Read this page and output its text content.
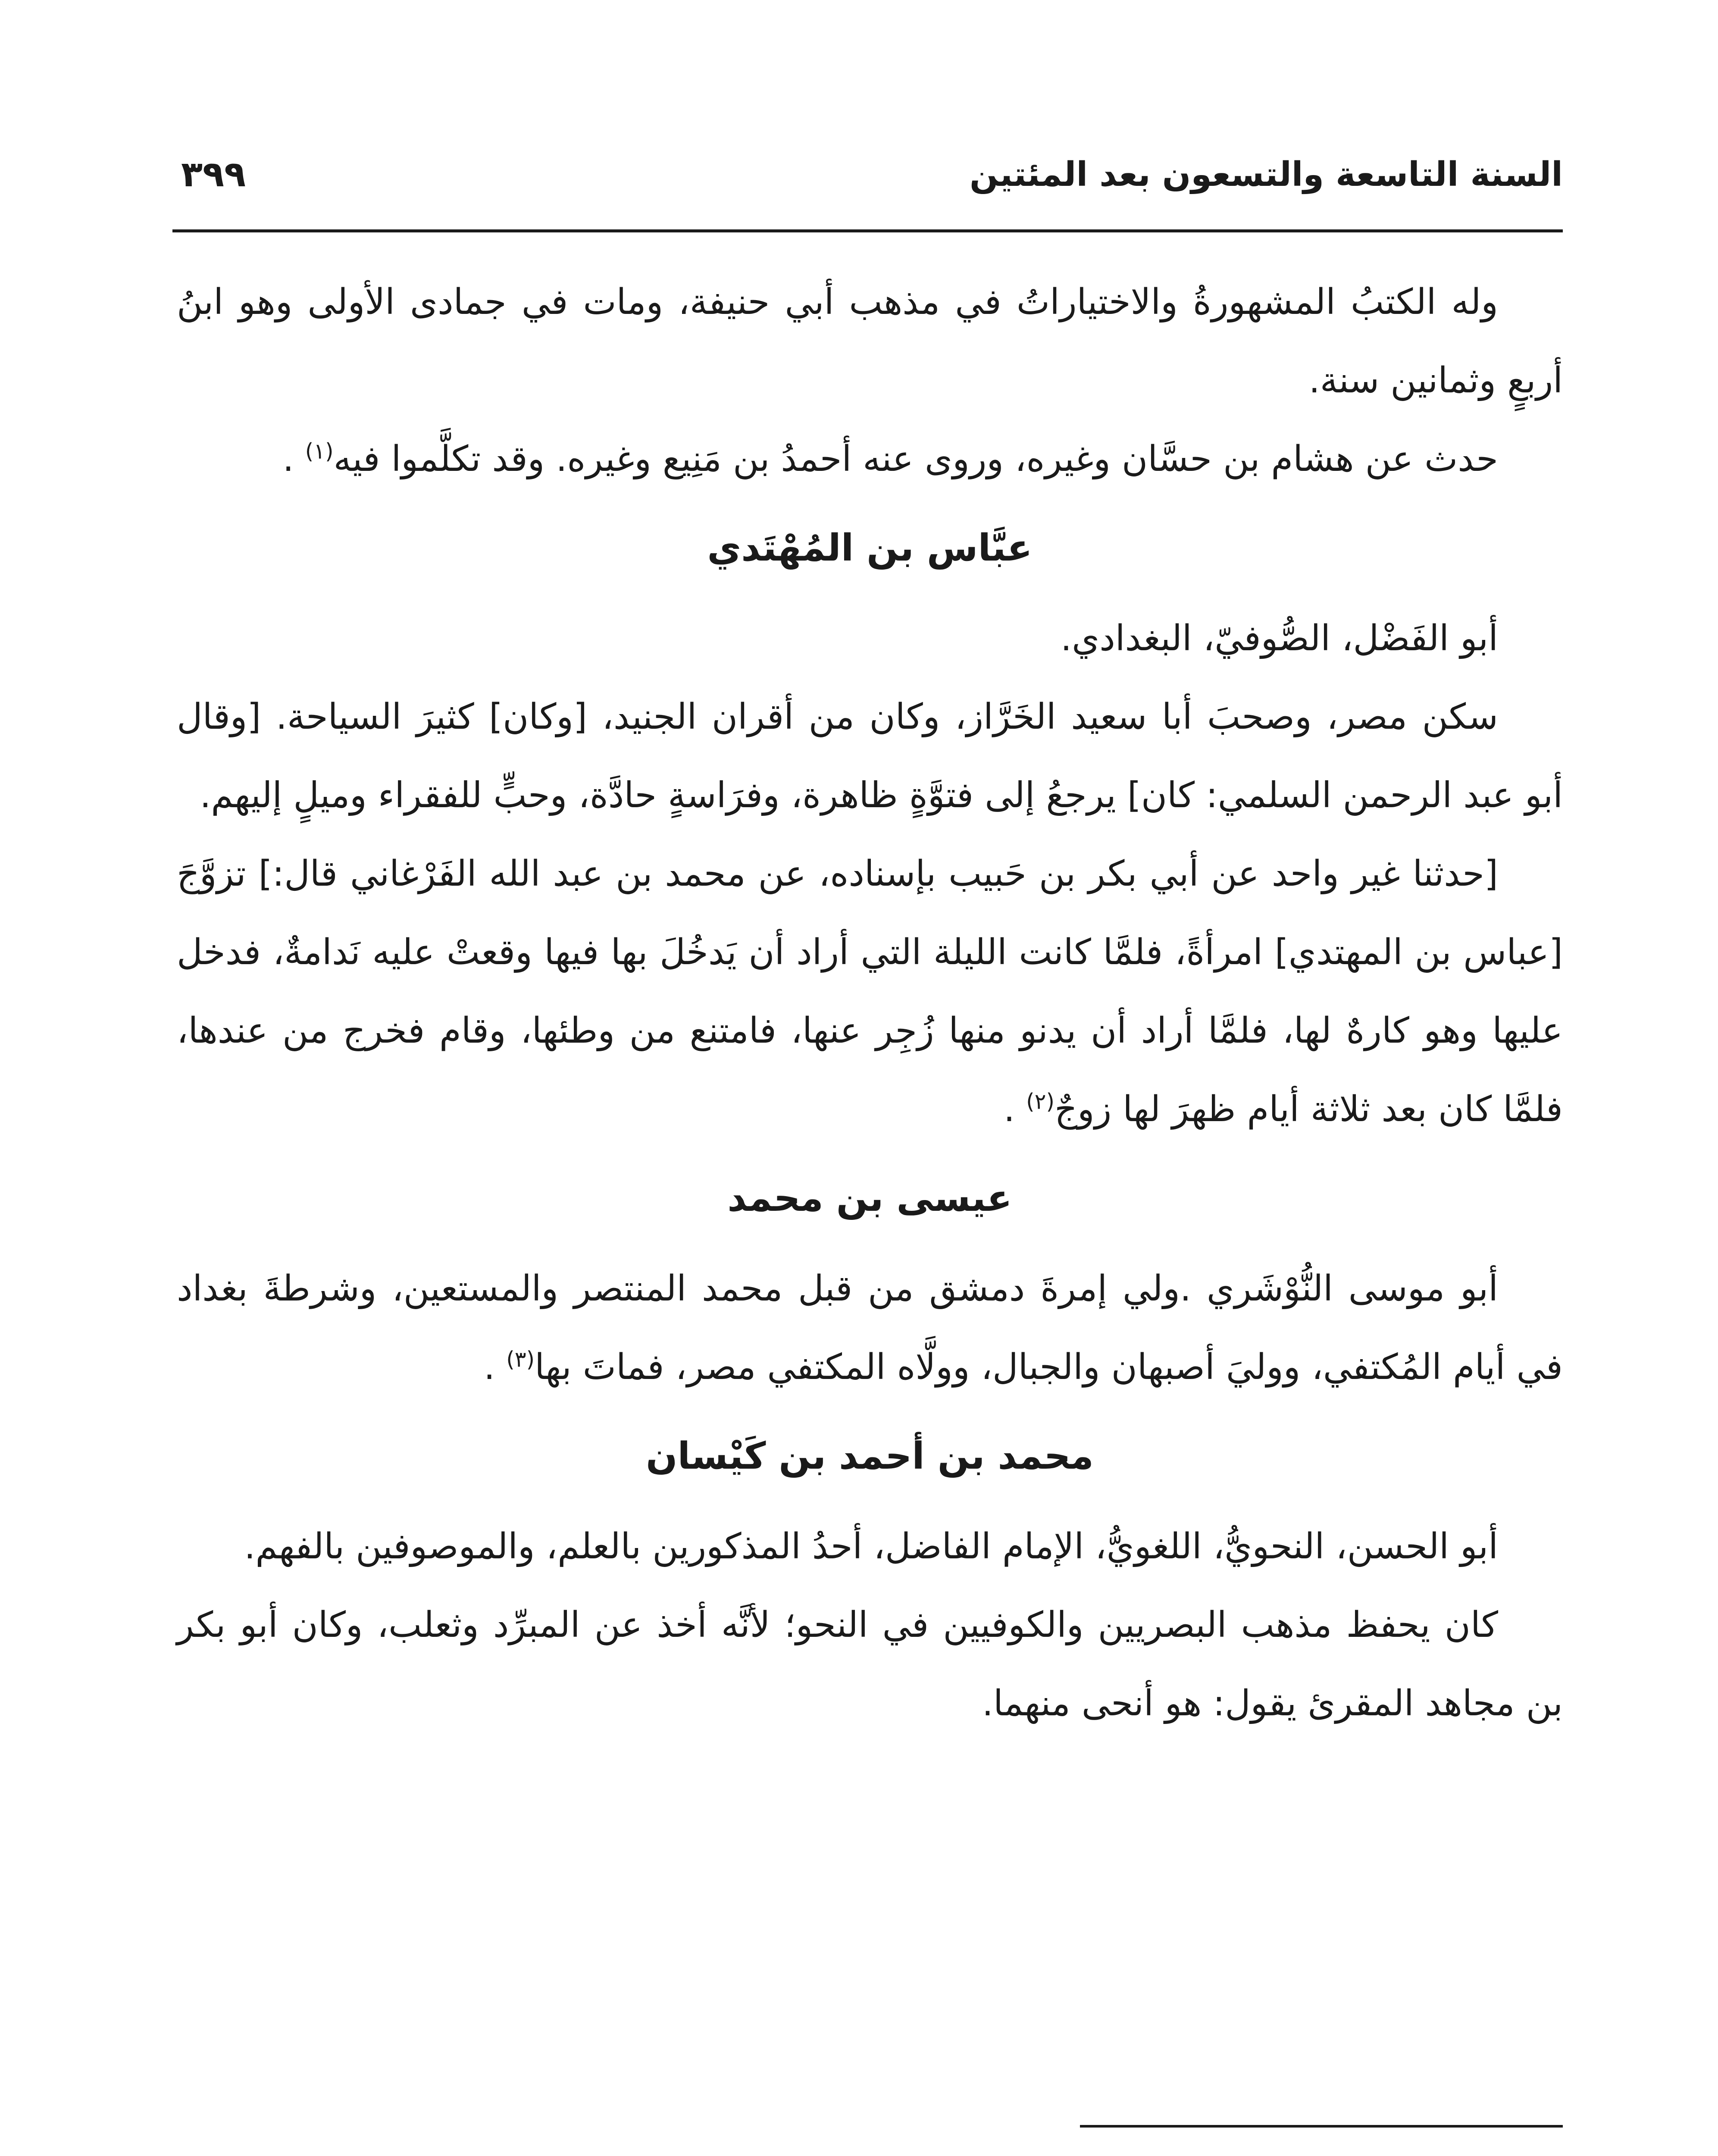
السنة التاسعة والتسعون بعد المئتين
٣٩٩

وله الكتبُ المشهورةُ والاختياراتُ في مذهب أبي حنيفة، ومات في جمادى الأولى وهو ابنُ أربعٍ وثمانين سنة.

حدث عن هشام بن حسَّان وغيره، وروى عنه أحمدُ بن مَنِيع وغيره. وقد تكلَّموا فيه$^{(١)}$ .

عبَّاس بن المُهْتَدي

أبو الفَضْل، الصُّوفيّ، البغدادي.

سكن مصر، وصحبَ أبا سعيد الخَرَّاز، وكان من أقران الجنيد، [وكان] كثيرَ السياحة. [وقال أبو عبد الرحمن السلمي: كان] يرجعُ إلى فتوَّةٍ ظاهرة، وفرَاسةٍ حادَّة، وحبٍّ للفقراء وميلٍ إليهم.

[حدثنا غير واحد عن أبي بكر بن حَبيب بإسناده، عن محمد بن عبد الله الفَرْغاني قال:] تزوَّجَ [عباس بن المهتدي] امرأةً، فلمَّا كانت الليلة التي أراد أن يَدخُلَ بها فيها وقعتْ عليه نَدامةٌ، فدخل عليها وهو كارهٌ لها، فلمَّا أراد أن يدنو منها زُجِر عنها، فامتنع من وطئها، وقام فخرج من عندها، فلمَّا كان بعد ثلاثة أيام ظهرَ لها زوجٌ$^{(٢)}$ .

عيسى بن محمد

أبو موسى النُّوْشَري .ولي إمرةَ دمشق من قبل محمد المنتصر والمستعين، وشرطةَ بغداد في أيام المُكتفي، ووليَ أصبهان والجبال، وولَّاه المكتفي مصر، فماتَ بها$^{(٣)}$ .

محمد بن أحمد بن كَيْسان

أبو الحسن، النحويُّ، اللغويُّ، الإمام الفاضل، أحدُ المذكورين بالعلم، والموصوفين بالفهم.

كان يحفظ مذهب البصريين والكوفيين في النحو؛ لأنَّه أخذ عن المبرِّد وثعلب، وكان أبو بكر بن مجاهد المقرئ يقول: هو أنحى منهما.
